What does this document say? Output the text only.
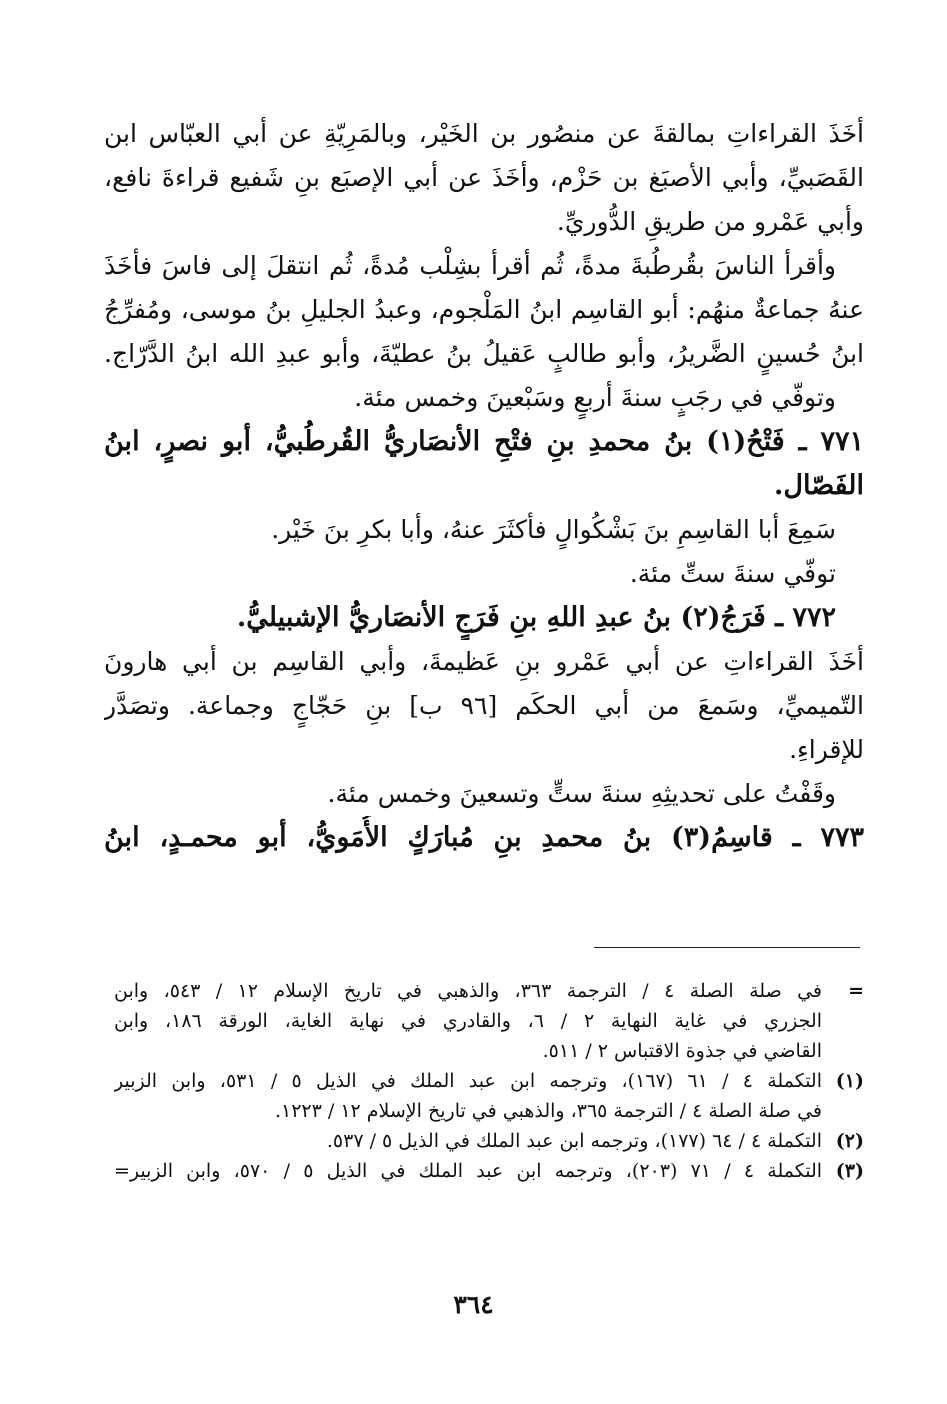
أخَذَ القراءاتِ بمالقةَ عن منصُور بن الخَيْر، وبالمَرِيّةِ عن أبي العبّاس ابن
القَصَبيِّ، وأبي الأصبَغ بن حَزْم، وأخَذَ عن أبي الإصبَع بنِ شَفيع قراءةَ نافع،
وأبي عَمْرو من طريقِ الدُّوريِّ.
وأقرأ الناسَ بقُرطُبةَ مدةً، ثُم أقرأ بشِلْب مُدةً، ثُم انتقلَ إلى فاسَ فأخَذَ
عنهُ جماعةٌ منهُم: أبو القاسِم ابنُ المَلْجوم، وعبدُ الجليلِ بنُ موسى، ومُفرِّجُ
ابنُ حُسينٍ الضَّريرُ، وأبو طالبٍ عَقيلُ بنُ عطيّةَ، وأبو عبدِ الله ابنُ الدَّرّاج.
وتوفّي في رجَبٍ سنةَ أربعٍ وسَبْعينَ وخمس مئة.
٧٧١ ـ فَتْحُ(١) بنُ محمدِ بنِ فتْحِ الأنصَاريُّ القُرطُبيُّ، أبو نصرٍ، ابنُ
الفَصّال.
سَمِعَ أبا القاسِمِ بنَ بَشْكُوالٍ فأكثَرَ عنهُ، وأبا بكرِ بنَ خَيْر.
توفّي سنةَ ستِّ مئة.
٧٧٢ ـ فَرَجُ(٢) بنُ عبدِ اللهِ بنِ فَرَجٍ الأنصَاريُّ الإشبيليُّ.
أخَذَ القراءاتِ عن أبي عَمْرو بنِ عَظيمةَ، وأبي القاسِم بن أبي هارونَ
التّميميِّ، وسَمعَ من أبي الحكَم [٩٦ ب] بنِ حَجّاجٍ وجماعة. وتصَدَّر
للإقراءِ.
وقَفْتُ على تحديثِهِ سنةَ ستٍّ وتسعينَ وخمس مئة.
٧٧٣ ـ قاسِمُ(٣) بنُ محمدِ بنِ مُبارَكٍ الأُمَويُّ، أبو محمـدٍ، ابنُ
=
في صلة الصلة ٤ / الترجمة ٣٦٣، والذهبي في تاريخ الإسلام ١٢ / ٥٤٣، وابن
الجزري في غاية النهاية ٢ / ٦، والقادري في نهاية الغاية، الورقة ١٨٦، وابن
القاضي في جذوة الاقتباس ٢ / ٥١١.
(١)
التكملة ٤ / ٦١ (١٦٧)، وترجمه ابن عبد الملك في الذيل ٥ / ٥٣١، وابن الزبير
في صلة الصلة ٤ / الترجمة ٣٦٥، والذهبي في تاريخ الإسلام ١٢ / ١٢٢٣.
(٢)
التكملة ٤ / ٦٤ (١٧٧)، وترجمه ابن عبد الملك في الذيل ٥ / ٥٣٧.
(٣)
التكملة ٤ / ٧١ (٢٠٣)، وترجمه ابن عبد الملك في الذيل ٥ / ٥٧٠، وابن الزبير=
٣٦٤
